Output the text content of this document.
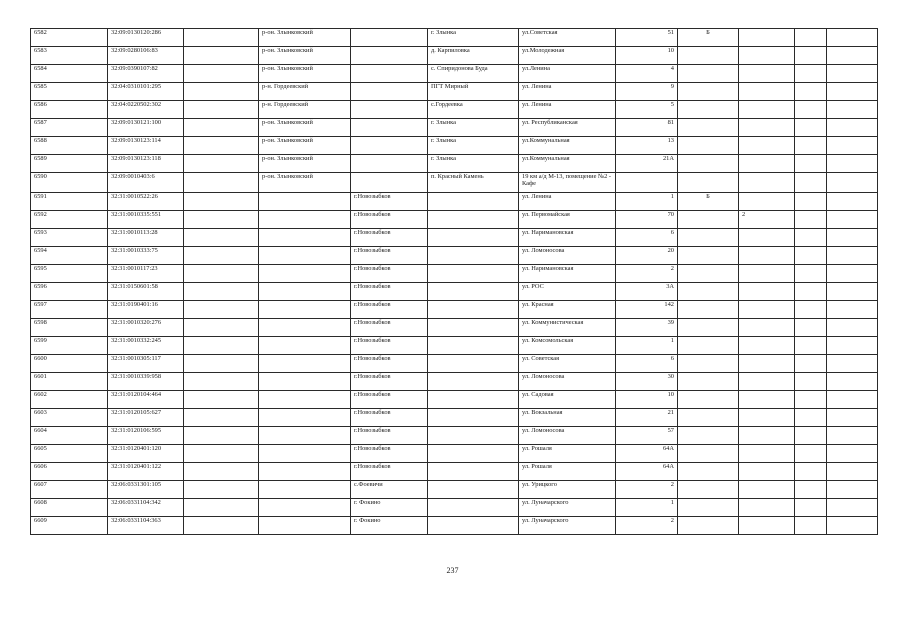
6582	32:09:0130120:286		р-он. Злынковский		г. Злынка	ул.Советская	51	Б			
6583	32:09:0280106:83		р-он. Злынковский		д. Карпиловка	ул.Молодежная	10				
6584	32:09:0390107:82		р-он. Злынковский		с. Спиридонова Буда	ул.Ленина	4				
6585	32:04:0310101:295		р-н. Гордеевский		ПГТ Мирный	ул. Ленина	9				
6586	32:04:0220502:302		р-н. Гордеевский		с.Гордеевка	ул. Ленина	5				
6587	32:09:0130121:100		р-он. Злынковский		г. Злынка	ул. Республиканская	81				
6588	32:09:0130123:114		р-он. Злынковский		г. Злынка	ул.Коммунальная	13				
6589	32:09:0130123:118		р-он. Злынковский		г. Злынка	ул.Коммунальная	21А				
6590	32:09:0010403:6		р-он. Злынковский		п. Красный Камень	19 км а/д М-13, помещение №2 - Кафе					
6591	32:31:0010522:26			г.Новозыбков		ул. Ленина	1	Б			
6592	32:31:0010335:551			г.Новозыбков		ул. Первомайская	70		2		
6593	32:31:0010113:28			г.Новозыбков		ул. Наримановская	6				
6594	32:31:0010333:75			г.Новозыбков		ул. Ломоносова	20				
6595	32:31:0010117:23			г.Новозыбков		ул. Наримановская	2				
6596	32:31:0150601:58			г.Новозыбков		ул. РОС	3А				
6597	32:31:0190401:16			г.Новозыбков		ул. Красная	142				
6598	32:31:0010320:276			г.Новозыбков		ул. Коммунистическая	39				
6599	32:31:0010332:245			г.Новозыбков		ул. Комсомольская	1				
6600	32:31:0010305:117			г.Новозыбков		ул. Советская	6				
6601	32:31:0010339:958			г.Новозыбков		ул. Ломоносова	30				
6602	32:31:0120104:464			г.Новозыбков		ул. Садовая	10				
6603	32:31:0120105:627			г.Новозыбков		ул. Вокзальная	21				
6604	32:31:0120106:595			г.Новозыбков		ул. Ломоносова	57				
6605	32:31:0120401:120			г.Новозыбков		ул. Рошаля	64А				
6606	32:31:0120401:122			г.Новозыбков		ул. Рошаля	64А				
6607	32:06:0331301:105			с.Фоевичи		ул. Урицкого	2				
6608	32:06:0331104:342			г. Фокино		ул. Луначарского	1				
6609	32:06:0331104:363			г. Фокино		ул. Луначарского	2				
237
